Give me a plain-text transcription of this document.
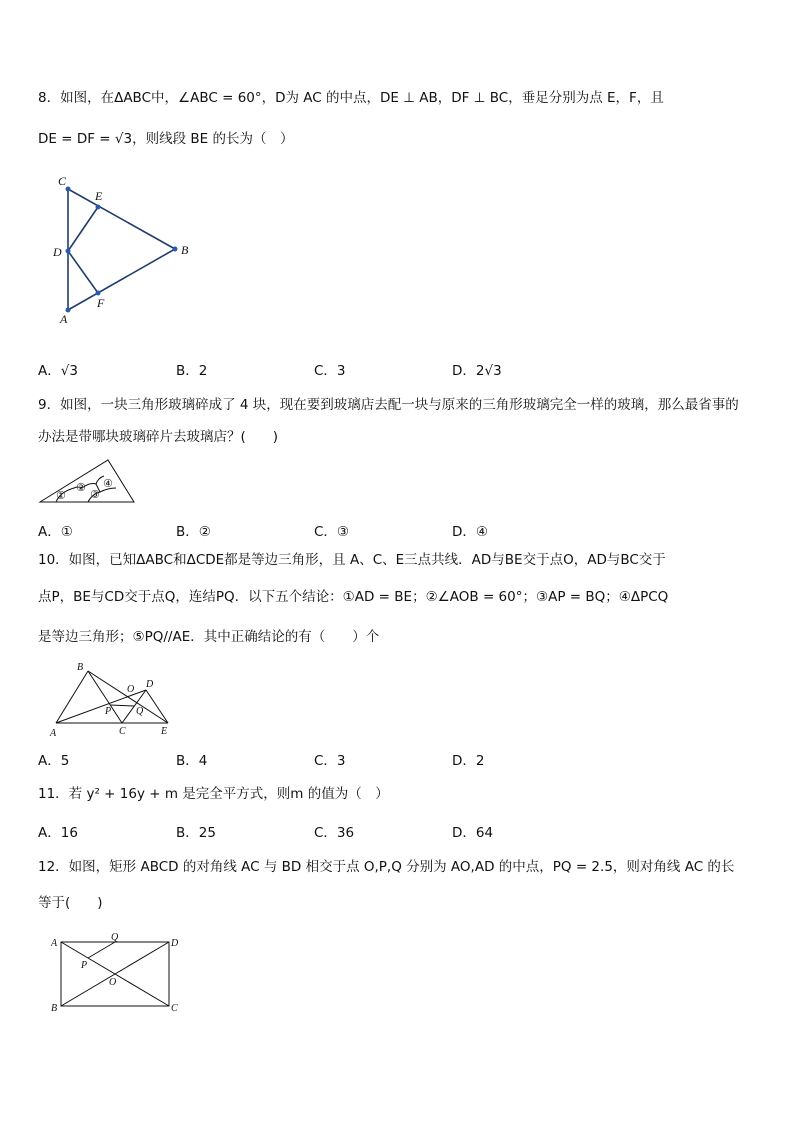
8．如图，在ΔABC中，∠ABC = 60°，D为 AC 的中点，DE ⊥ AB，DF ⊥ BC，垂足分别为点 E，F，且
DE = DF = √3，则线段 BE 的长为（　）
C
E
D	B
F
A
A．√3	B．2	C．3	D．2√3
9．如图，一块三角形玻璃碎成了 4 块，现在要到玻璃店去配一块与原来的三角形玻璃完全一样的玻璃，那么最省事的
办法是带哪块玻璃碎片去玻璃店？(　　)
①
②
③
④
A．①	B．②	C．③	D．④
10．如图，已知ΔABC和ΔCDE都是等边三角形，且 A、C、E三点共线．AD与BE交于点O，AD与BC交于
点P，BE与CD交于点Q，连结PQ．以下五个结论：①AD = BE；②∠AOB = 60°；③AP = BQ；④ΔPCQ
是等边三角形；⑤PQ//AE．其中正确结论的有（　　）个
B
O D
P Q
A	C	E
A．5	B．4	C．3	D．2
11．若 y² + 16y + m 是完全平方式，则m 的值为（　）
A．16	B．25	C．36	D．64
12．如图，矩形 ABCD 的对角线 AC 与 BD 相交于点 O,P,Q 分别为 AO,AD 的中点，PQ = 2.5，则对角线 AC 的长
等于(　　)
A
Q
D
P
O
B	C
